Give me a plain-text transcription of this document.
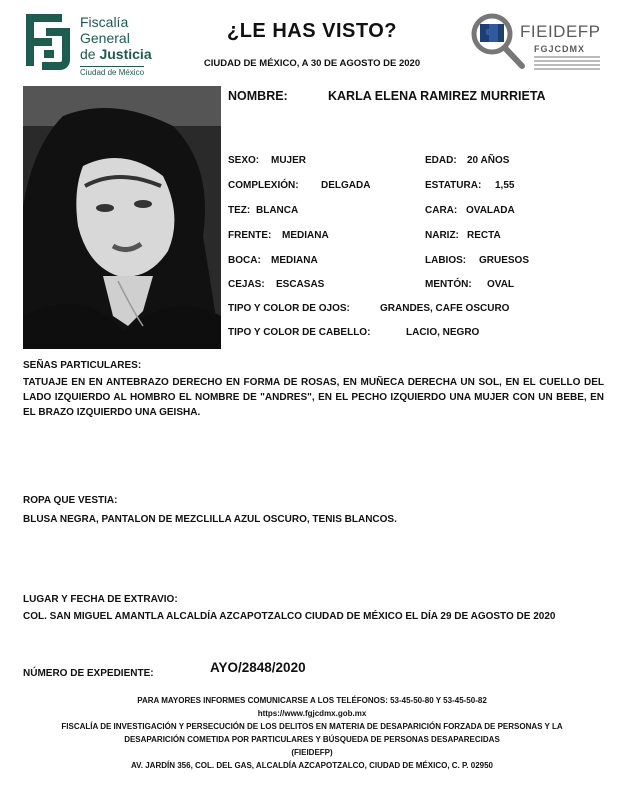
Fiscalía
General
de Justicia
Ciudad de México
¿LE HAS VISTO?
CIUDAD DE MÉXICO, A 30 DE AGOSTO DE 2020
FIEIDEFP
FGJCDMX
NOMBRE:	KARLA ELENA RAMIREZ MURRIETA
SEXO: MUJER	EDAD: 20 AÑOS
COMPLEXIÓN: DELGADA	ESTATURA: 1,55
TEZ: BLANCA	CARA: OVALADA
FRENTE: MEDIANA	NARIZ: RECTA
BOCA: MEDIANA	LABIOS: GRUESOS
CEJAS: ESCASAS	MENTÓN: OVAL
TIPO Y COLOR DE OJOS:	GRANDES, CAFE OSCURO
TIPO Y COLOR DE CABELLO:	LACIO, NEGRO
SEÑAS PARTICULARES:
TATUAJE EN EN ANTEBRAZO DERECHO EN FORMA DE ROSAS, EN MUÑECA DERECHA UN SOL, EN EL CUELLO DEL LADO IZQUIERDO AL HOMBRO EL NOMBRE DE "ANDRES", EN EL PECHO IZQUIERDO UNA MUJER CON UN BEBE, EN EL BRAZO IZQUIERDO UNA GEISHA.
ROPA QUE VESTIA:
BLUSA NEGRA, PANTALON DE MEZCLILLA AZUL OSCURO, TENIS BLANCOS.
LUGAR Y FECHA DE EXTRAVIO:
COL. SAN MIGUEL AMANTLA ALCALDÍA AZCAPOTZALCO CIUDAD DE MÉXICO EL DÍA 29 DE AGOSTO DE 2020
NÚMERO DE EXPEDIENTE:	AYO/2848/2020
PARA MAYORES INFORMES COMUNICARSE A LOS TELÉFONOS: 53-45-50-80 Y 53-45-50-82
https://www.fgjcdmx.gob.mx
FISCALÍA DE INVESTIGACIÓN Y PERSECUCIÓN DE LOS DELITOS EN MATERIA DE DESAPARICIÓN FORZADA DE PERSONAS Y LA DESAPARICIÓN COMETIDA POR PARTICULARES Y BÚSQUEDA DE PERSONAS DESAPARECIDAS
(FIEIDEFP)
AV. JARDÍN 356, COL. DEL GAS, ALCALDÍA AZCAPOTZALCO, CIUDAD DE MÉXICO, C. P. 02950
